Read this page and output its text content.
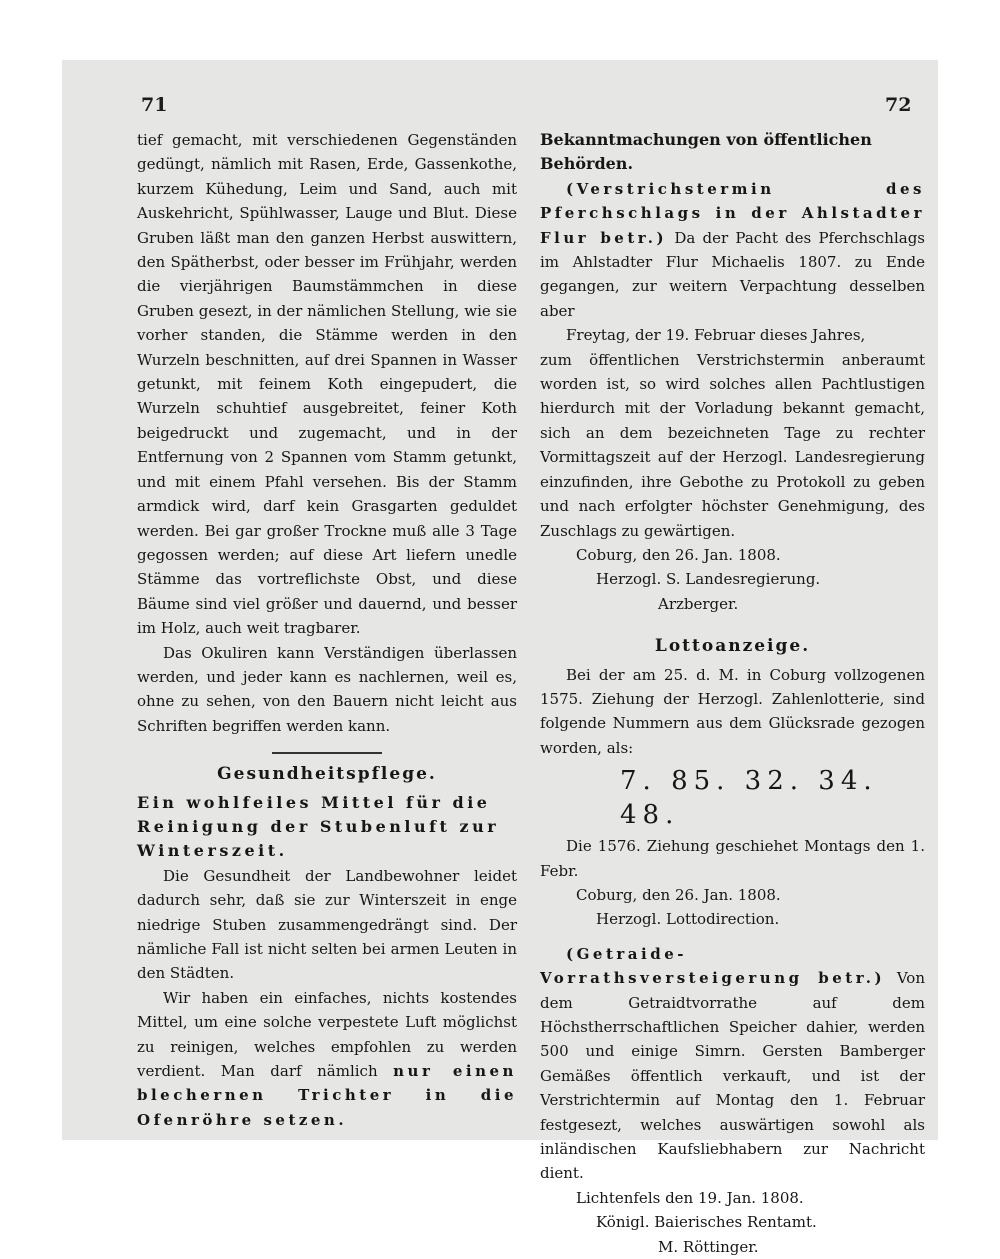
71	72

tief gemacht, mit verschiedenen Gegenständen gedüngt, nämlich mit Rasen, Erde, Gassenkothe, kurzem Kühedung, Leim und Sand, auch mit Auskehricht, Spühlwasser, Lauge und Blut. Diese Gruben läßt man den ganzen Herbst auswittern, den Spätherbst, oder besser im Frühjahr, werden die vierjährigen Baumstämmchen in diese Gruben gesezt, in der nämlichen Stellung, wie sie vorher standen, die Stämme werden in den Wurzeln beschnitten, auf drei Spannen in Wasser getunkt, mit feinem Koth eingepudert, die Wurzeln schuhtief ausgebreitet, feiner Koth beigedruckt und zugemacht, und in der Entfernung von 2 Spannen vom Stamm getunkt, und mit einem Pfahl versehen. Bis der Stamm armdick wird, darf kein Grasgarten geduldet werden. Bei gar großer Trockne muß alle 3 Tage gegossen werden; auf diese Art liefern unedle Stämme das vortreflichste Obst, und diese Bäume sind viel größer und dauernd, und besser im Holz, auch weit tragbarer.

Das Okuliren kann Verständigen überlassen werden, und jeder kann es nachlernen, weil es, ohne zu sehen, von den Bauern nicht leicht aus Schriften begriffen werden kann.

Gesundheitspflege.

Ein wohlfeiles Mittel für die Reinigung der Stubenluft zur Winterszeit.

Die Gesundheit der Landbewohner leidet dadurch sehr, daß sie zur Winterszeit in enge niedrige Stuben zusammengedrängt sind. Der nämliche Fall ist nicht selten bei armen Leuten in den Städten.

Wir haben ein einfaches, nichts kostendes Mittel, um eine solche verpestete Luft möglichst zu reinigen, welches empfohlen zu werden verdient. Man darf nämlich nur einen blechernen Trichter in die Ofenröhre setzen.

Bekanntmachungen von öffentlichen Behörden.

(Verstrichstermin des Pferchschlags in der Ahlstadter Flur betr.) Da der Pacht des Pferchschlags im Ahlstadter Flur Michaelis 1807. zu Ende gegangen, zur weitern Verpachtung desselben aber

Freytag, der 19. Februar dieses Jahres,

zum öffentlichen Verstrichstermin anberaumt worden ist, so wird solches allen Pachtlustigen hierdurch mit der Vorladung bekannt gemacht, sich an dem bezeichneten Tage zu rechter Vormittagszeit auf der Herzogl. Landesregierung einzufinden, ihre Gebothe zu Protokoll zu geben und nach erfolgter höchster Genehmigung, des Zuschlags zu gewärtigen.

Coburg, den 26. Jan. 1808.

Herzogl. S. Landesregierung.

Arzberger.

Lottoanzeige.

Bei der am 25. d. M. in Coburg vollzogenen 1575. Ziehung der Herzogl. Zahlenlotterie, sind folgende Nummern aus dem Glücksrade gezogen worden, als:

7. 85. 32. 34. 48.

Die 1576. Ziehung geschiehet Montags den 1. Febr.

Coburg, den 26. Jan. 1808.

Herzogl. Lottodirection.

(Getraide-Vorrathsversteigerung betr.) Von dem Getraidtvorrathe auf dem Höchstherrschaftlichen Speicher dahier, werden 500 und einige Simrn. Gersten Bamberger Gemäßes öffentlich verkauft, und ist der Verstrichtermin auf Montag den 1. Februar festgesezt, welches auswärtigen sowohl als inländischen Kaufsliebhabern zur Nachricht dient.

Lichtenfels den 19. Jan. 1808.

Königl. Baierisches Rentamt.

M. Röttinger.
